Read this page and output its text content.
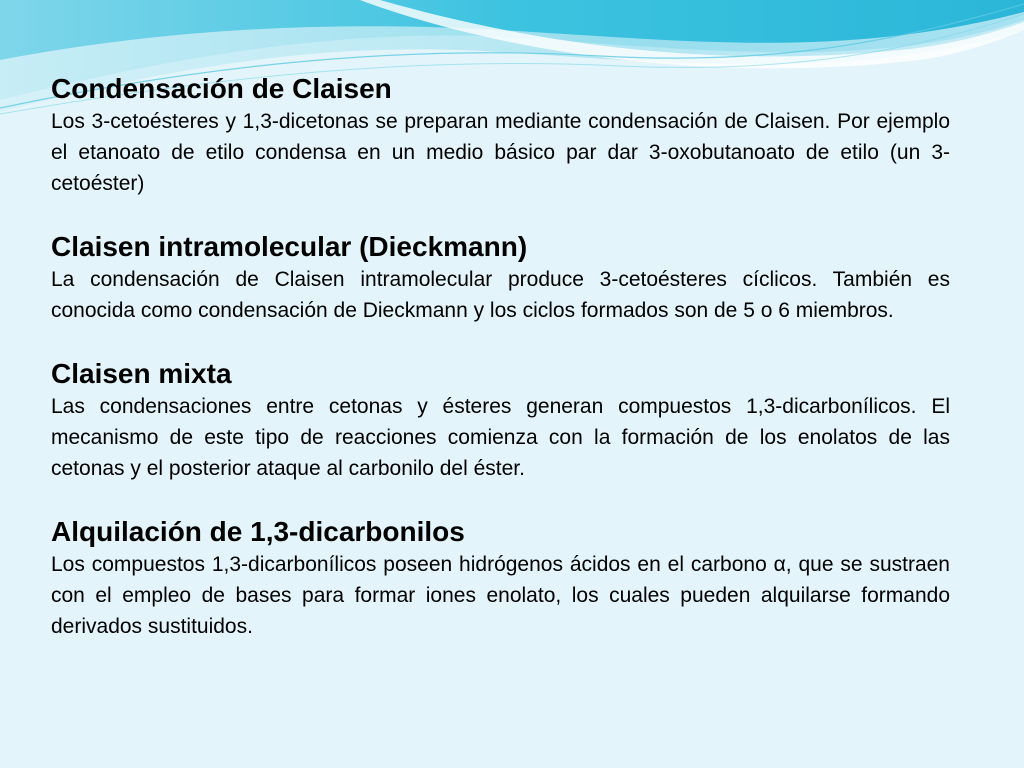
Condensación de Claisen

Los 3-cetoésteres y 1,3-dicetonas se preparan mediante condensación de Claisen. Por ejemplo el etanoato de etilo condensa en un medio básico par dar 3-oxobutanoato de etilo (un 3-cetoéster)

Claisen intramolecular (Dieckmann)

La condensación de Claisen intramolecular produce 3-cetoésteres cíclicos. También es conocida como condensación de Dieckmann y los ciclos formados son de 5 o 6 miembros.

Claisen mixta

Las condensaciones entre cetonas y ésteres generan compuestos 1,3-dicarbonílicos. El mecanismo de este tipo de reacciones comienza con la formación de los enolatos de las cetonas y el posterior ataque al carbonilo del éster.

Alquilación de 1,3-dicarbonilos

Los compuestos 1,3-dicarbonílicos poseen hidrógenos ácidos en el carbono α, que se sustraen con el empleo de bases para formar iones enolato, los cuales pueden alquilarse formando derivados sustituidos.
